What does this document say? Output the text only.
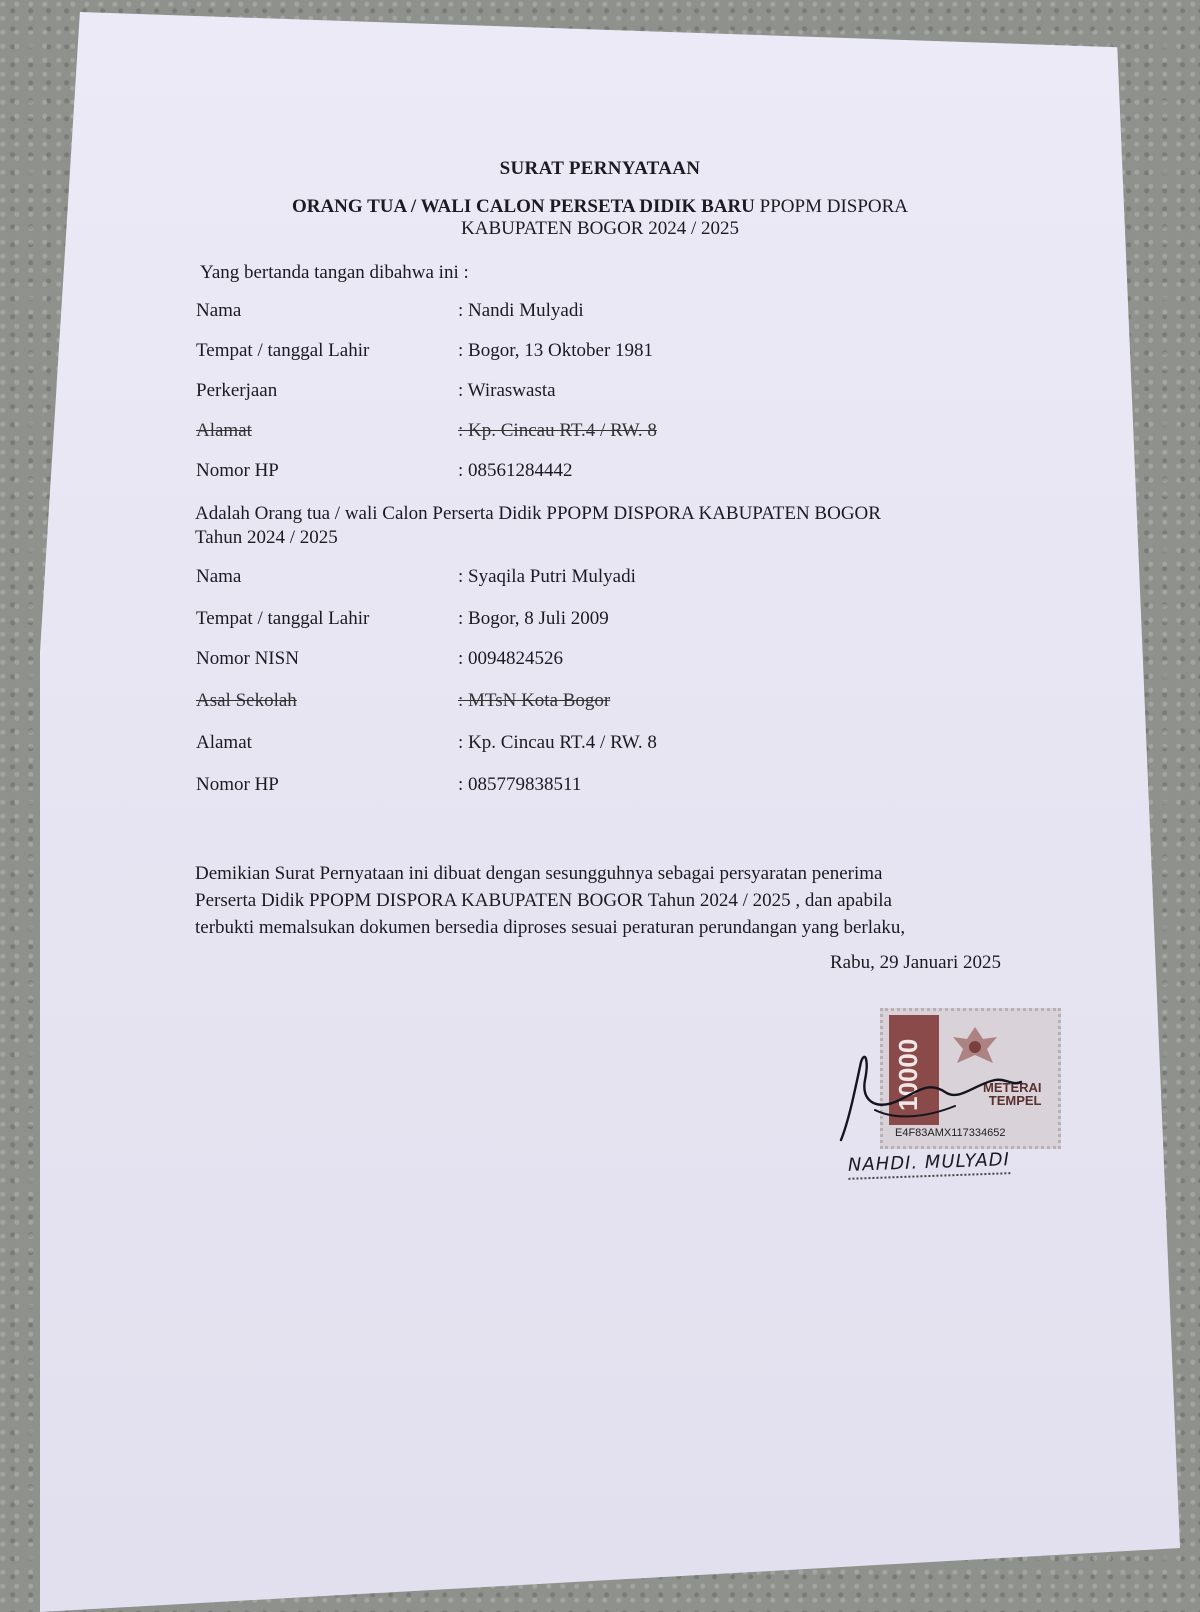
SURAT PERNYATAAN
ORANG TUA / WALI CALON PERSETA DIDIK BARU PPOPM DISPORA
KABUPATEN BOGOR 2024 / 2025
Yang bertanda tangan dibahwa ini :
Nama	: Nandi Mulyadi
Tempat / tanggal Lahir	: Bogor, 13 Oktober 1981
Perkerjaan	: Wiraswasta
Alamat	: Kp. Cincau RT.4 / RW. 8
Nomor HP	: 08561284442
Adalah Orang tua / wali Calon Perserta Didik PPOPM DISPORA KABUPATEN BOGOR
Tahun 2024 / 2025
Nama	: Syaqila Putri Mulyadi
Tempat / tanggal Lahir	: Bogor, 8 Juli 2009
Nomor NISN	: 0094824526
Asal Sekolah	: MTsN Kota Bogor
Alamat	: Kp. Cincau RT.4 / RW. 8
Nomor HP	: 085779838511
Demikian Surat Pernyataan ini dibuat dengan sesungguhnya sebagai persyaratan penerima
Perserta Didik PPOPM DISPORA KABUPATEN BOGOR Tahun 2024 / 2025 , dan apabila
terbukti memalsukan dokumen bersedia diproses sesuai peraturan perundangan yang berlaku,
Rabu, 29 Januari 2025
10000	METERAI
TEMPEL
E4F83AMX117334652
NAHDI. MULYADI
